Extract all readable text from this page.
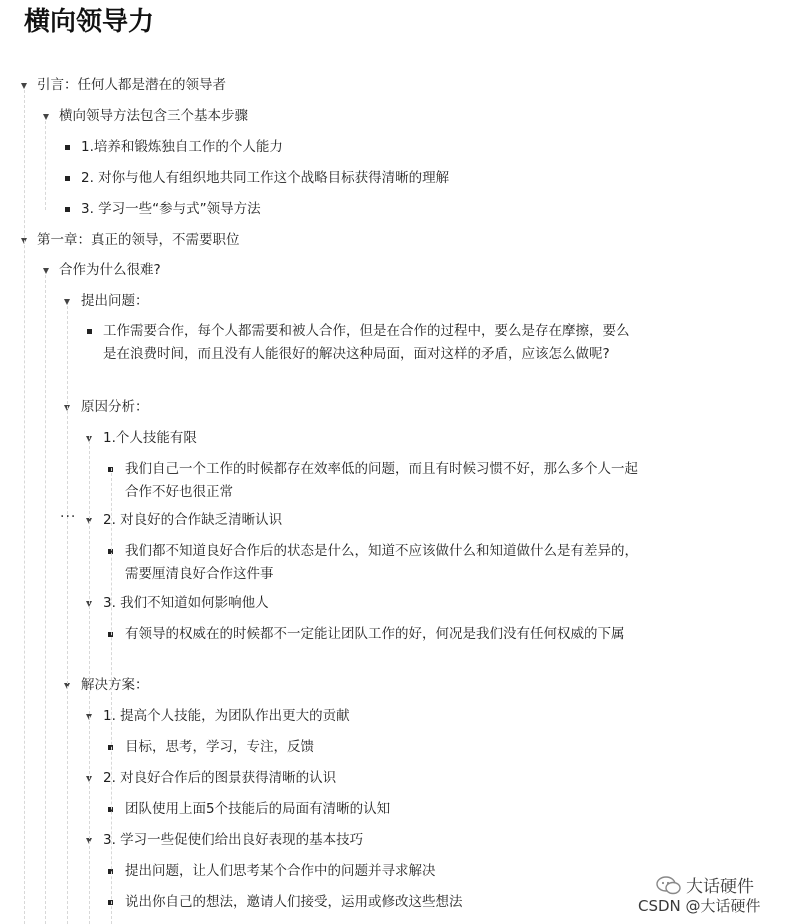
横向领导力
引言：任何人都是潜在的领导者
横向领导方法包含三个基本步骤
1.培养和锻炼独自工作的个人能力
2. 对你与他人有组织地共同工作这个战略目标获得清晰的理解
3. 学习一些“参与式”领导方法
第一章：真正的领导，不需要职位
合作为什么很难?
提出问题：
工作需要合作，每个人都需要和被人合作，但是在合作的过程中，要么是存在摩擦，要么是在浪费时间，而且没有人能很好的解决这种局面，面对这样的矛盾，应该怎么做呢?
原因分析：
1.个人技能有限
我们自己一个工作的时候都存在效率低的问题，而且有时候习惯不好，那么多个人一起合作不好也很正常
2. 对良好的合作缺乏清晰认识
我们都不知道良好合作后的状态是什么，知道不应该做什么和知道做什么是有差异的，需要厘清良好合作这件事
3. 我们不知道如何影响他人
有领导的权威在的时候都不一定能让团队工作的好，何况是我们没有任何权威的下属
解决方案：
1. 提高个人技能，为团队作出更大的贡献
目标，思考，学习，专注，反馈
2. 对良好合作后的图景获得清晰的认识
团队使用上面5个技能后的局面有清晰的认知
3. 学习一些促使们给出良好表现的基本技巧
提出问题，让人们思考某个合作中的问题并寻求解决
说出你自己的想法，邀请人们接受，运用或修改这些想法
···
大话硬件
CSDN @大话硬件
